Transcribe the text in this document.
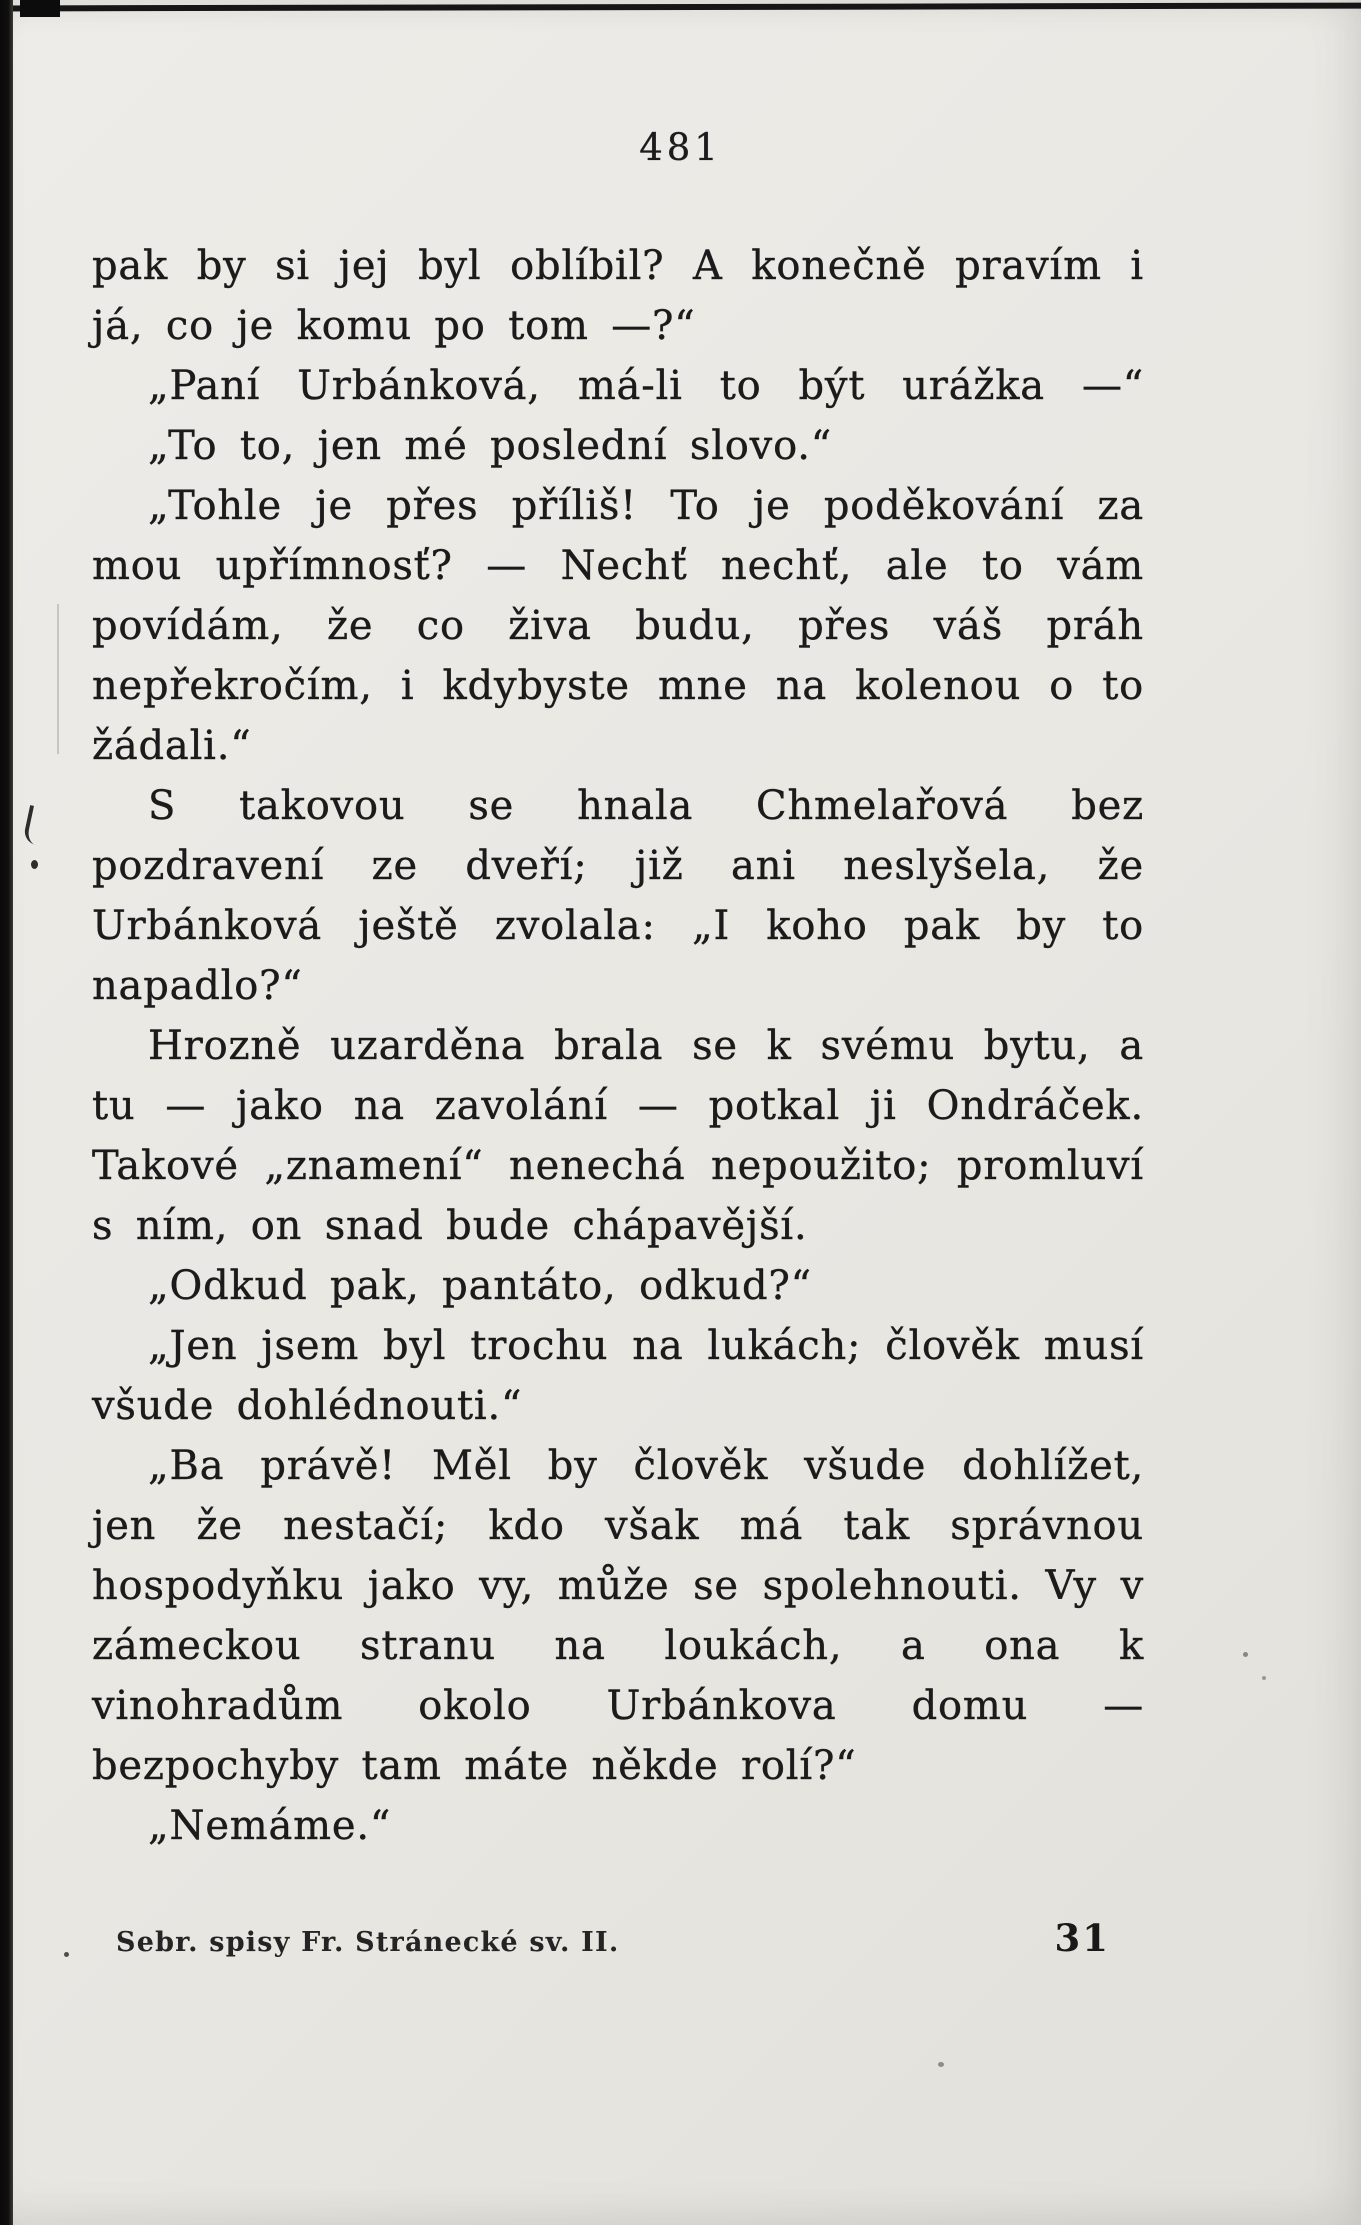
481

pak by si jej byl oblíbil? A konečně pravím i já, co je komu po tom —?“

„Paní Urbánková, má-li to být urážka —“

„To to, jen mé poslední slovo.“

„Tohle je přes příliš! To je poděkování za mou upřímnosť? — Nechť nechť, ale to vám povídám, že co živa budu, přes váš práh nepřekročím, i kdybyste mne na kolenou o to žádali.“

S takovou se hnala Chmelařová bez pozdravení ze dveří; již ani neslyšela, že Urbánková ještě zvolala: „I koho pak by to napadlo?“

Hrozně uzarděna brala se k svému bytu, a tu — jako na zavolání — potkal ji Ondráček. Takové „znamení“ nenechá nepoužito; promluví s ním, on snad bude chápavější.

„Odkud pak, pantáto, odkud?“

„Jen jsem byl trochu na lukách; člověk musí všude dohlédnouti.“

„Ba právě! Měl by člověk všude dohlížet, jen že nestačí; kdo však má tak správnou hospodyňku jako vy, může se spolehnouti. Vy v zámeckou stranu na loukách, a ona k vinohradům okolo Urbánkova domu — bezpochyby tam máte někde rolí?“

„Nemáme.“

Sebr. spisy Fr. Stránecké sv. II.	31
